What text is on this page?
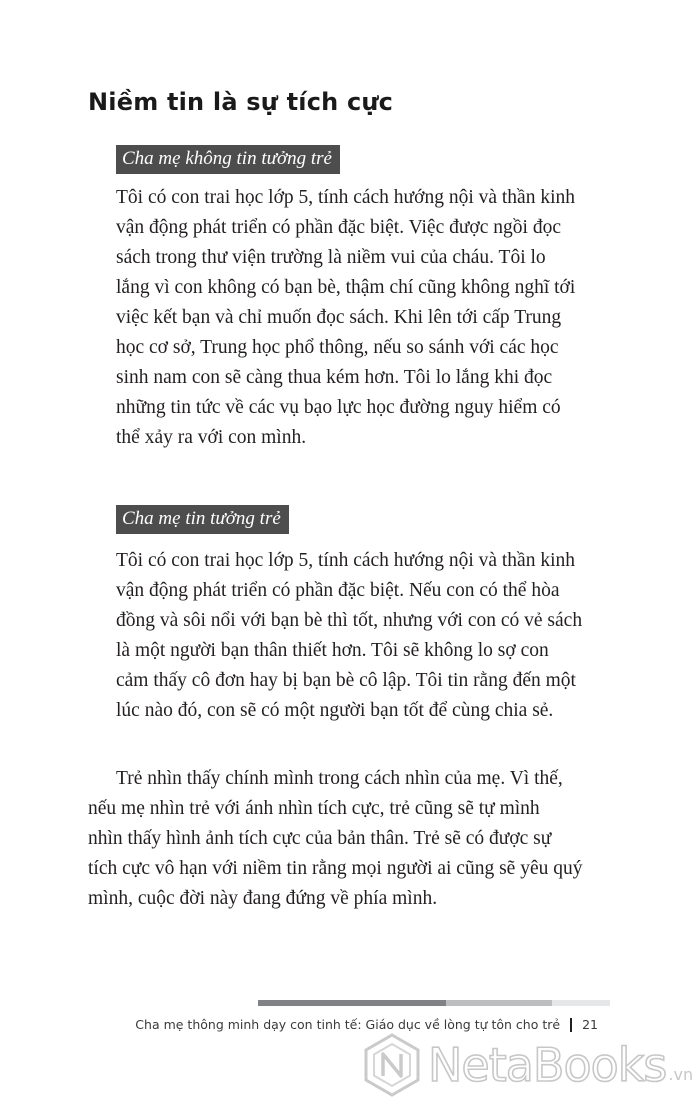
Niềm tin là sự tích cực
Cha mẹ không tin tưởng trẻ

Tôi có con trai học lớp 5, tính cách hướng nội và thần kinh
vận động phát triển có phần đặc biệt. Việc được ngồi đọc
sách trong thư viện trường là niềm vui của cháu. Tôi lo
lắng vì con không có bạn bè, thậm chí cũng không nghĩ tới
việc kết bạn và chỉ muốn đọc sách. Khi lên tới cấp Trung
học cơ sở, Trung học phổ thông, nếu so sánh với các học
sinh nam con sẽ càng thua kém hơn. Tôi lo lắng khi đọc
những tin tức về các vụ bạo lực học đường nguy hiểm có
thể xảy ra với con mình.

Cha mẹ tin tưởng trẻ

Tôi có con trai học lớp 5, tính cách hướng nội và thần kinh
vận động phát triển có phần đặc biệt. Nếu con có thể hòa
đồng và sôi nổi với bạn bè thì tốt, nhưng với con có vẻ sách
là một người bạn thân thiết hơn. Tôi sẽ không lo sợ con
cảm thấy cô đơn hay bị bạn bè cô lập. Tôi tin rằng đến một
lúc nào đó, con sẽ có một người bạn tốt để cùng chia sẻ.

Trẻ nhìn thấy chính mình trong cách nhìn của mẹ. Vì thế,
nếu mẹ nhìn trẻ với ánh nhìn tích cực, trẻ cũng sẽ tự mình
nhìn thấy hình ảnh tích cực của bản thân. Trẻ sẽ có được sự
tích cực vô hạn với niềm tin rằng mọi người ai cũng sẽ yêu quý
mình, cuộc đời này đang đứng về phía mình.

Cha mẹ thông minh dạy con tinh tế: Giáo dục về lòng tự tôn cho trẻ 21
NetaBooks .vn
